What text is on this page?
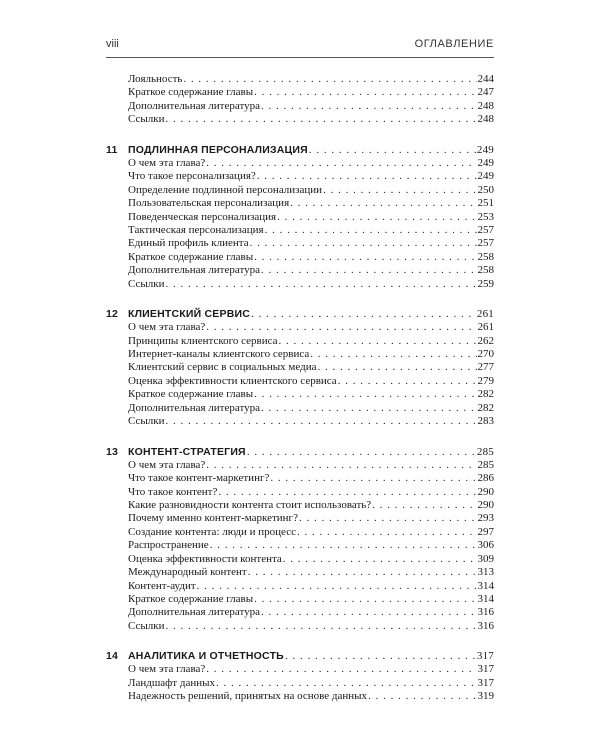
viii	ОГЛАВЛЕНИЕ
Лояльность . . .	244
Краткое содержание главы . . .	247
Дополнительная литература . . .	248
Ссылки . . .	248
11	ПОДЛИННАЯ ПЕРСОНАЛИЗАЦИЯ . . .	249
О чем эта глава? . . .	249
Что такое персонализация? . . .	249
Определение подлинной персонализации . . .	250
Пользовательская персонализация . . .	251
Поведенческая персонализация . . .	253
Тактическая персонализация . . .	257
Единый профиль клиента . . .	257
Краткое содержание главы . . .	258
Дополнительная литература . . .	258
Ссылки . . .	259
12 КЛИЕНТСКИЙ СЕРВИС . . .	261
О чем эта глава? . . .	261
Принципы клиентского сервиса . . .	262
Интернет-каналы клиентского сервиса . . .	270
Клиентский сервис в социальных медиа . . .	277
Оценка эффективности клиентского сервиса . . .	279
Краткое содержание главы . . .	282
Дополнительная литература . . .	282
Ссылки . . .	283
13 КОНТЕНТ-СТРАТЕГИЯ . . .	285
О чем эта глава? . . .	285
Что такое контент-маркетинг? . . .	286
Что такое контент? . . .	290
Какие разновидности контента стоит использовать? . . .	290
Почему именно контент-маркетинг? . . .	293
Создание контента: люди и процесс . . .	297
Распространение . . .	306
Оценка эффективности контента . . .	309
Международный контент . . .	313
Контент-аудит . . .	314
Краткое содержание главы . . .	314
Дополнительная литература . . .	316
Ссылки . . .	316
14 АНАЛИТИКА И ОТЧЕТНОСТЬ . . .	317
О чем эта глава? . . .	317
Ландшафт данных . . .	317
Надежность решений, принятых на основе данных . . .	319
